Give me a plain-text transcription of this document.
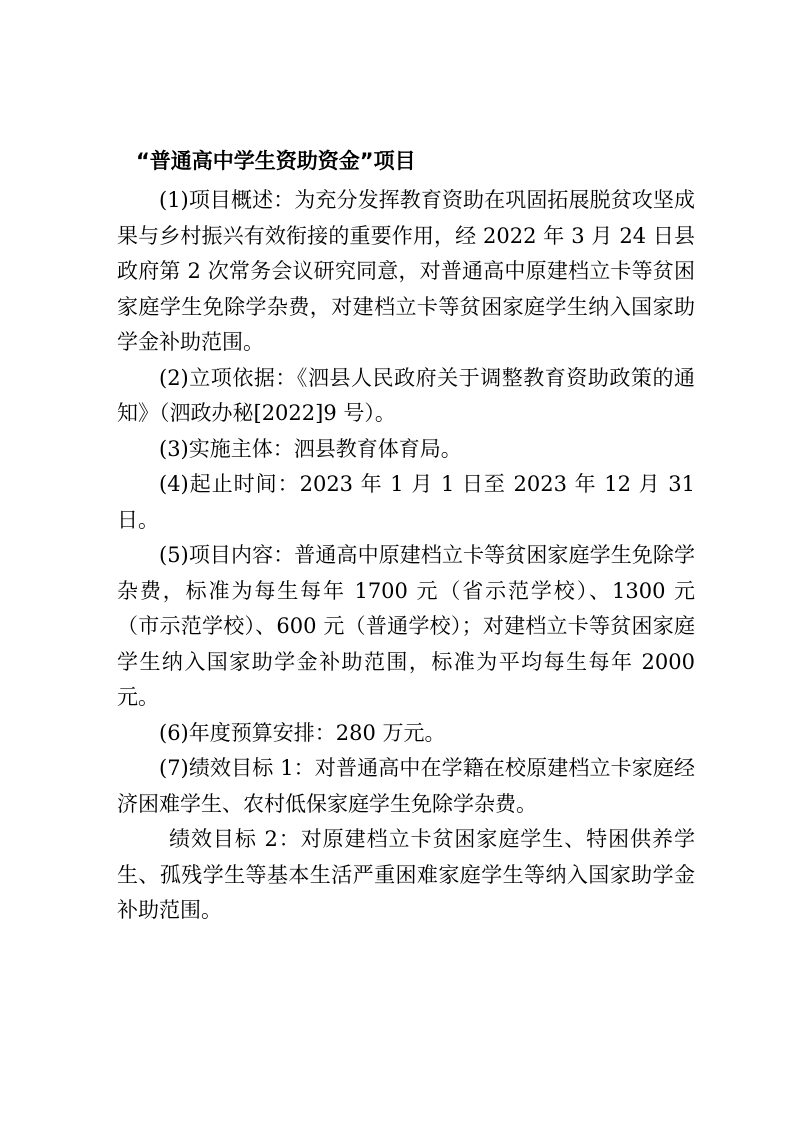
“普通高中学生资助资金”项目

(1)项目概述：为充分发挥教育资助在巩固拓展脱贫攻坚成果与乡村振兴有效衔接的重要作用，经 2022 年 3 月 24 日县政府第 2 次常务会议研究同意，对普通高中原建档立卡等贫困家庭学生免除学杂费，对建档立卡等贫困家庭学生纳入国家助学金补助范围。

(2)立项依据：《泗县人民政府关于调整教育资助政策的通知》（泗政办秘[2022]9 号）。

(3)实施主体：泗县教育体育局。

(4)起止时间：2023 年 1 月 1 日至 2023 年 12 月 31 日。

(5)项目内容：普通高中原建档立卡等贫困家庭学生免除学杂费，标准为每生每年 1700 元（省示范学校）、1300 元（市示范学校）、600 元（普通学校）；对建档立卡等贫困家庭学生纳入国家助学金补助范围，标准为平均每生每年 2000 元。

(6)年度预算安排：280 万元。

(7)绩效目标 1：对普通高中在学籍在校原建档立卡家庭经济困难学生、农村低保家庭学生免除学杂费。

绩效目标 2：对原建档立卡贫困家庭学生、特困供养学生、孤残学生等基本生活严重困难家庭学生等纳入国家助学金补助范围。
